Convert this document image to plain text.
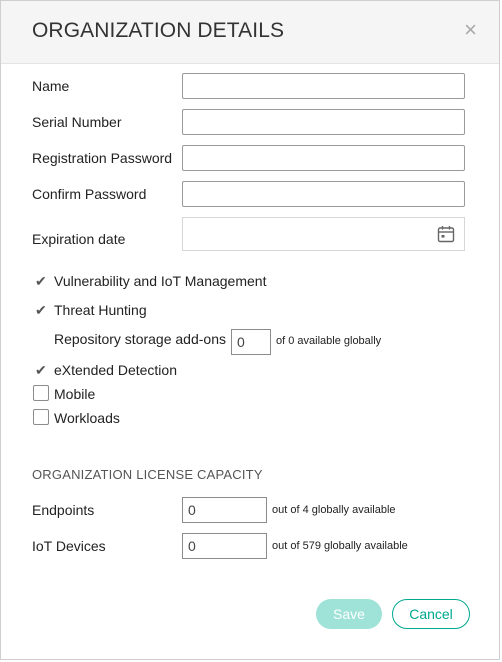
ORGANIZATION DETAILS	×
Name
Serial Number
Registration Password
Confirm Password
Expiration date
✔ Vulnerability and IoT Management
✔ Threat Hunting
Repository storage add-ons
0	of 0 available globally
✔ eXtended Detection
Mobile
Workloads
ORGANIZATION LICENSE CAPACITY
Endpoints
0	out of 4 globally available
IoT Devices
0	out of 579 globally available
Save	Cancel
